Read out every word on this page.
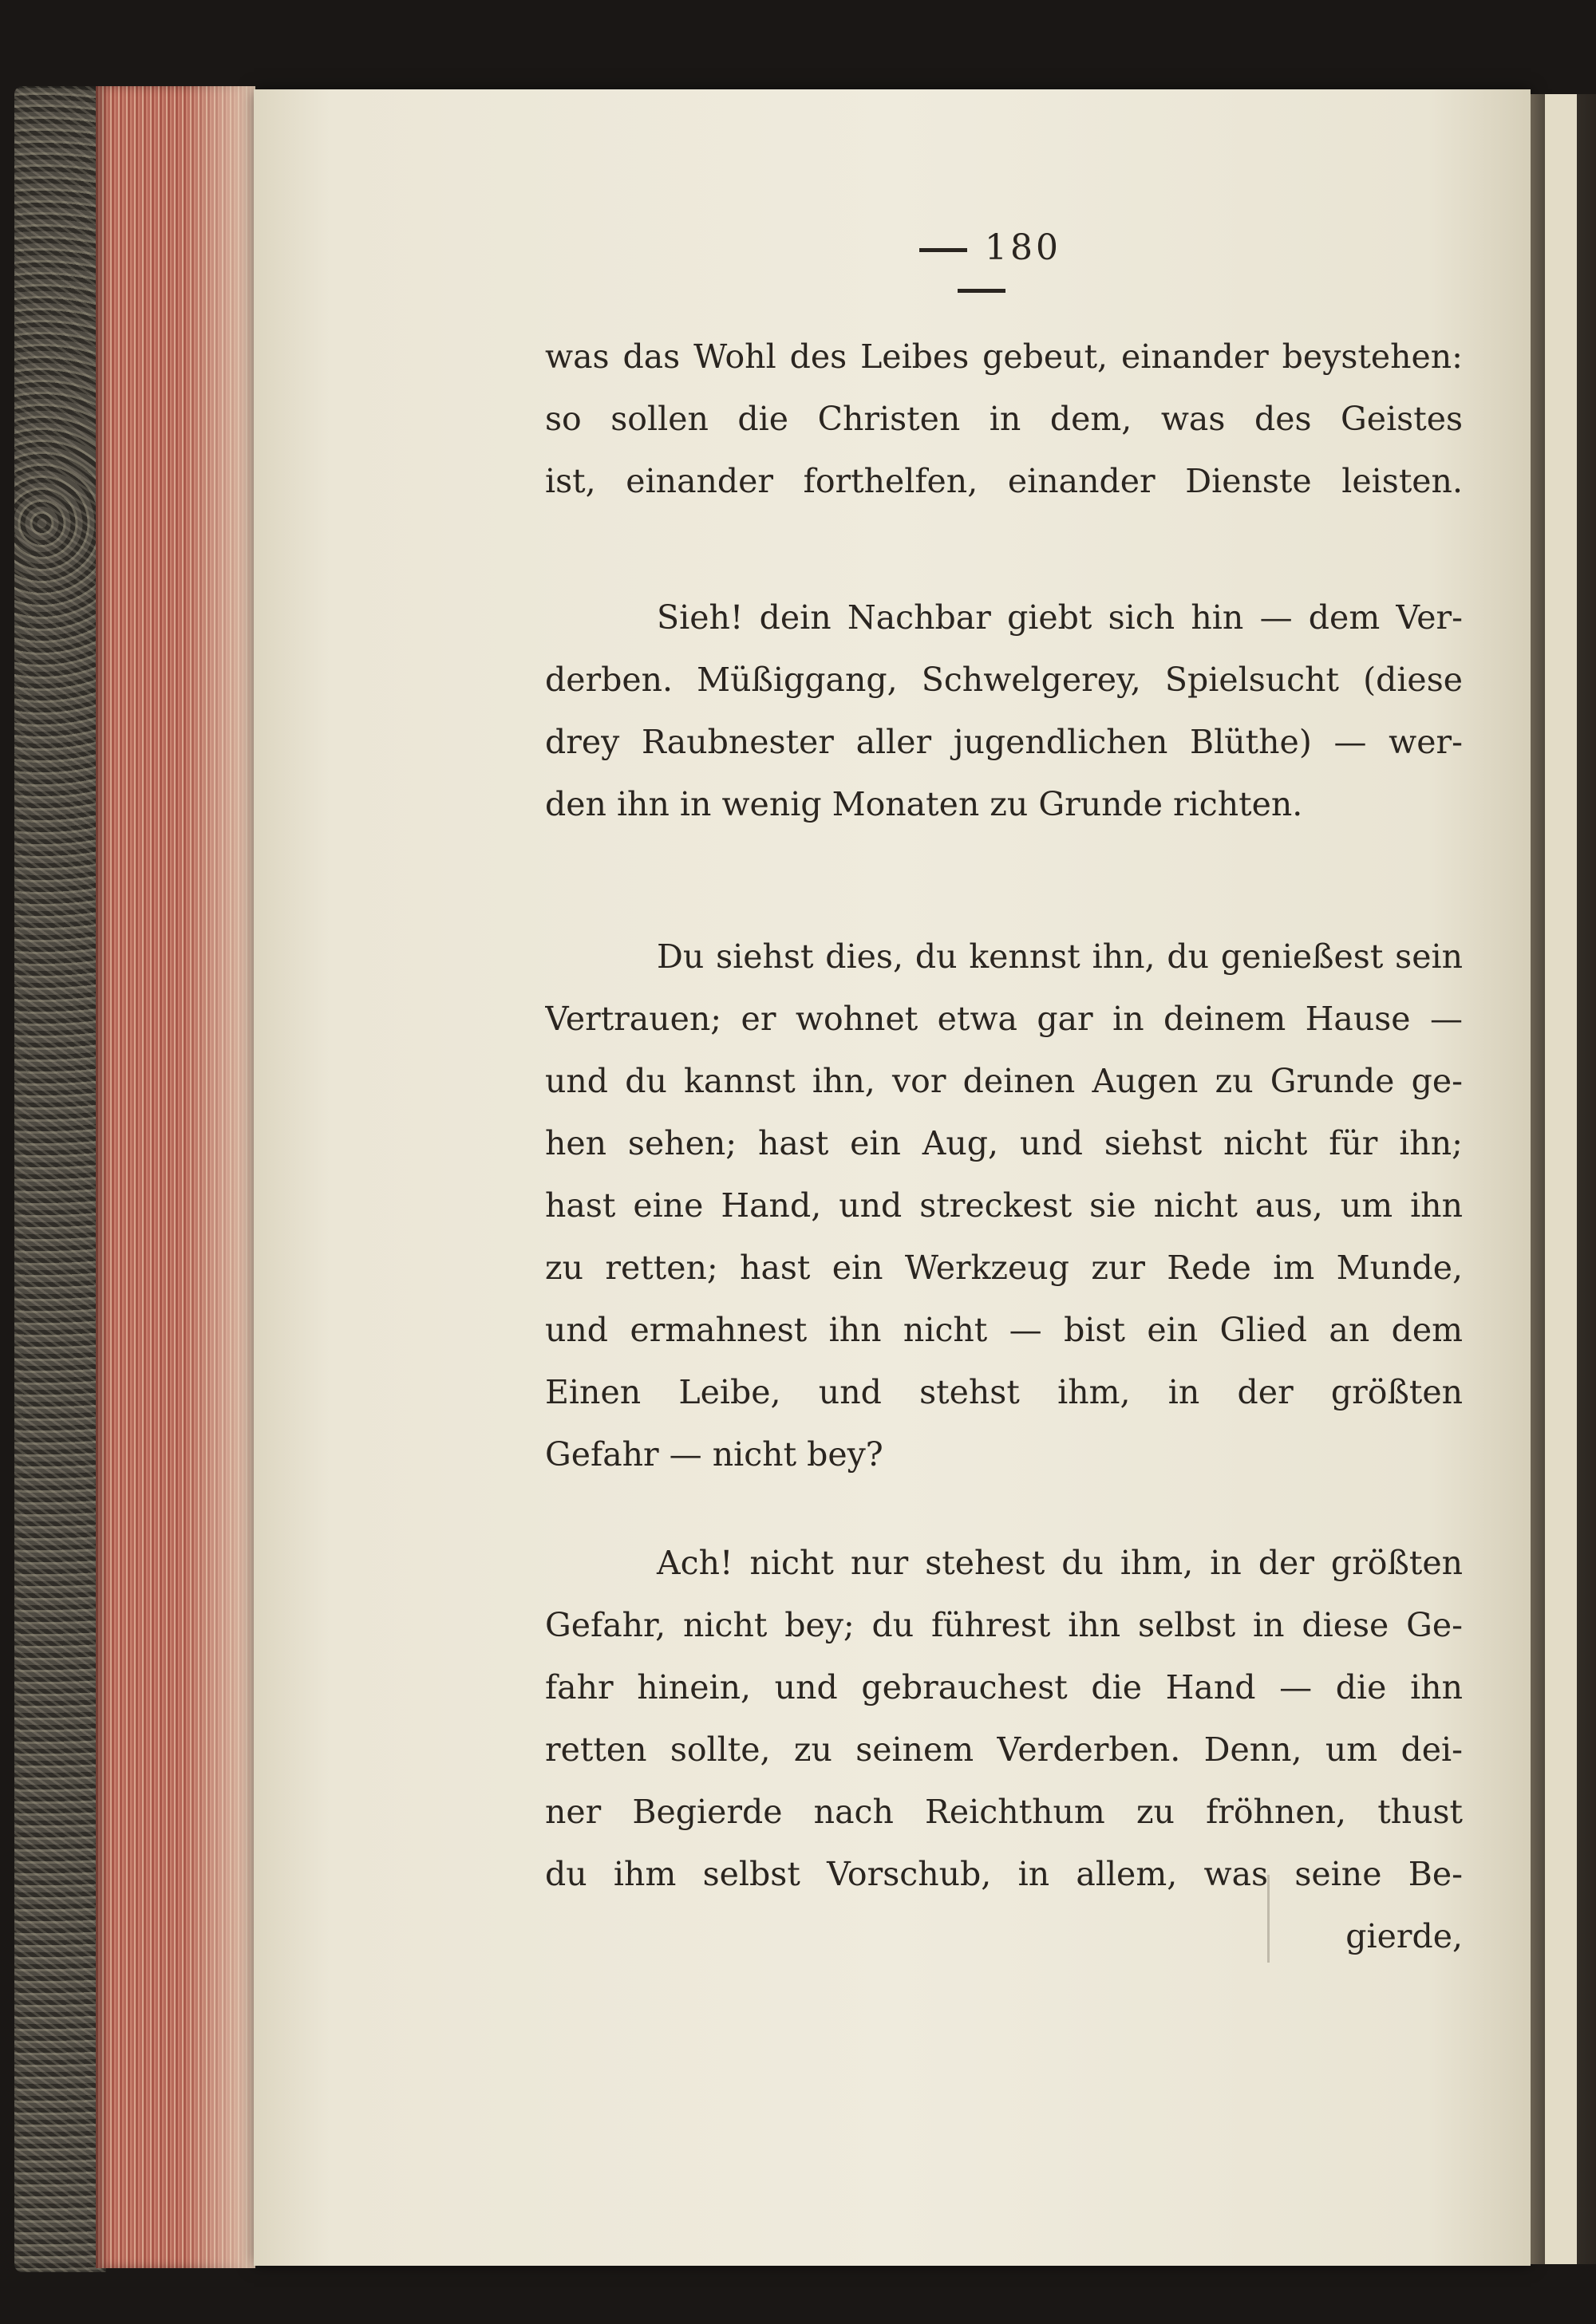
180
was das Wohl des Leibes gebeut, einander beystehen:
so sollen die Christen in dem, was des Geistes
ist, einander forthelfen, einander Dienste leisten.
Sieh! dein Nachbar giebt sich hin — dem Ver-
derben. Müßiggang, Schwelgerey, Spielsucht (diese
drey Raubnester aller jugendlichen Blüthe) — wer-
den ihn in wenig Monaten zu Grunde richten.
Du siehst dies, du kennst ihn, du genießest sein
Vertrauen; er wohnet etwa gar in deinem Hause —
und du kannst ihn, vor deinen Augen zu Grunde ge-
hen sehen; hast ein Aug, und siehst nicht für ihn;
hast eine Hand, und streckest sie nicht aus, um ihn
zu retten; hast ein Werkzeug zur Rede im Munde,
und ermahnest ihn nicht — bist ein Glied an dem
Einen Leibe, und stehst ihm, in der größten
Gefahr — nicht bey?
Ach! nicht nur stehest du ihm, in der größten
Gefahr, nicht bey; du führest ihn selbst in diese Ge-
fahr hinein, und gebrauchest die Hand — die ihn
retten sollte, zu seinem Verderben. Denn, um dei-
ner Begierde nach Reichthum zu fröhnen, thust
du ihm selbst Vorschub, in allem, was seine Be-
gierde,
